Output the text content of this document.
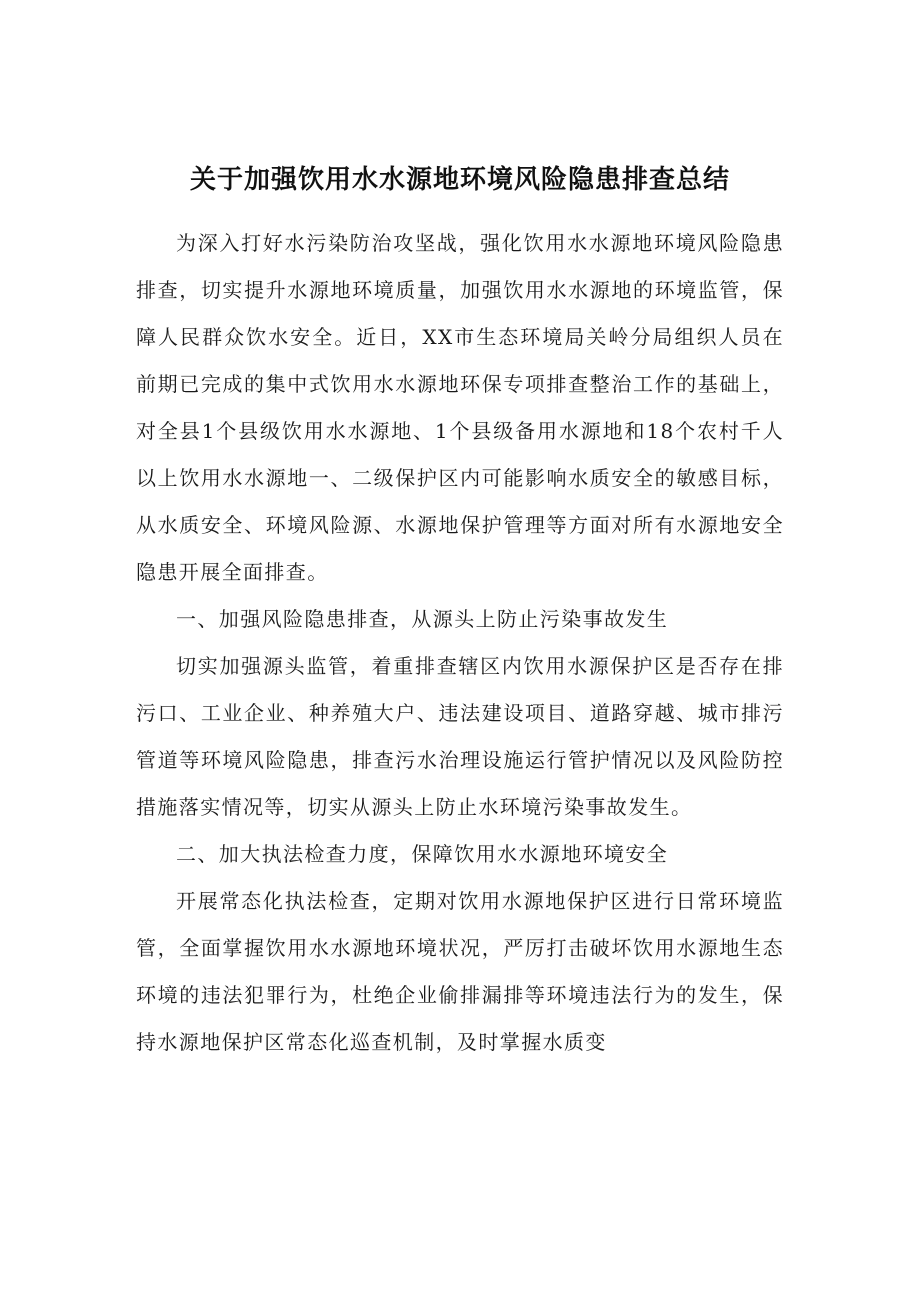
关于加强饮用水水源地环境风险隐患排查总结

为深入打好水污染防治攻坚战，强化饮用水水源地环境风险隐患排查，切实提升水源地环境质量，加强饮用水水源地的环境监管，保障人民群众饮水安全。近日，XX市生态环境局关岭分局组织人员在前期已完成的集中式饮用水水源地环保专项排查整治工作的基础上，对全县1个县级饮用水水源地、1个县级备用水源地和18个农村千人以上饮用水水源地一、二级保护区内可能影响水质安全的敏感目标，从水质安全、环境风险源、水源地保护管理等方面对所有水源地安全隐患开展全面排查。

一、加强风险隐患排查，从源头上防止污染事故发生

切实加强源头监管，着重排查辖区内饮用水源保护区是否存在排污口、工业企业、种养殖大户、违法建设项目、道路穿越、城市排污管道等环境风险隐患，排查污水治理设施运行管护情况以及风险防控措施落实情况等，切实从源头上防止水环境污染事故发生。

二、加大执法检查力度，保障饮用水水源地环境安全

开展常态化执法检查，定期对饮用水源地保护区进行日常环境监管，全面掌握饮用水水源地环境状况，严厉打击破坏饮用水源地生态环境的违法犯罪行为，杜绝企业偷排漏排等环境违法行为的发生，保持水源地保护区常态化巡查机制，及时掌握水质变
